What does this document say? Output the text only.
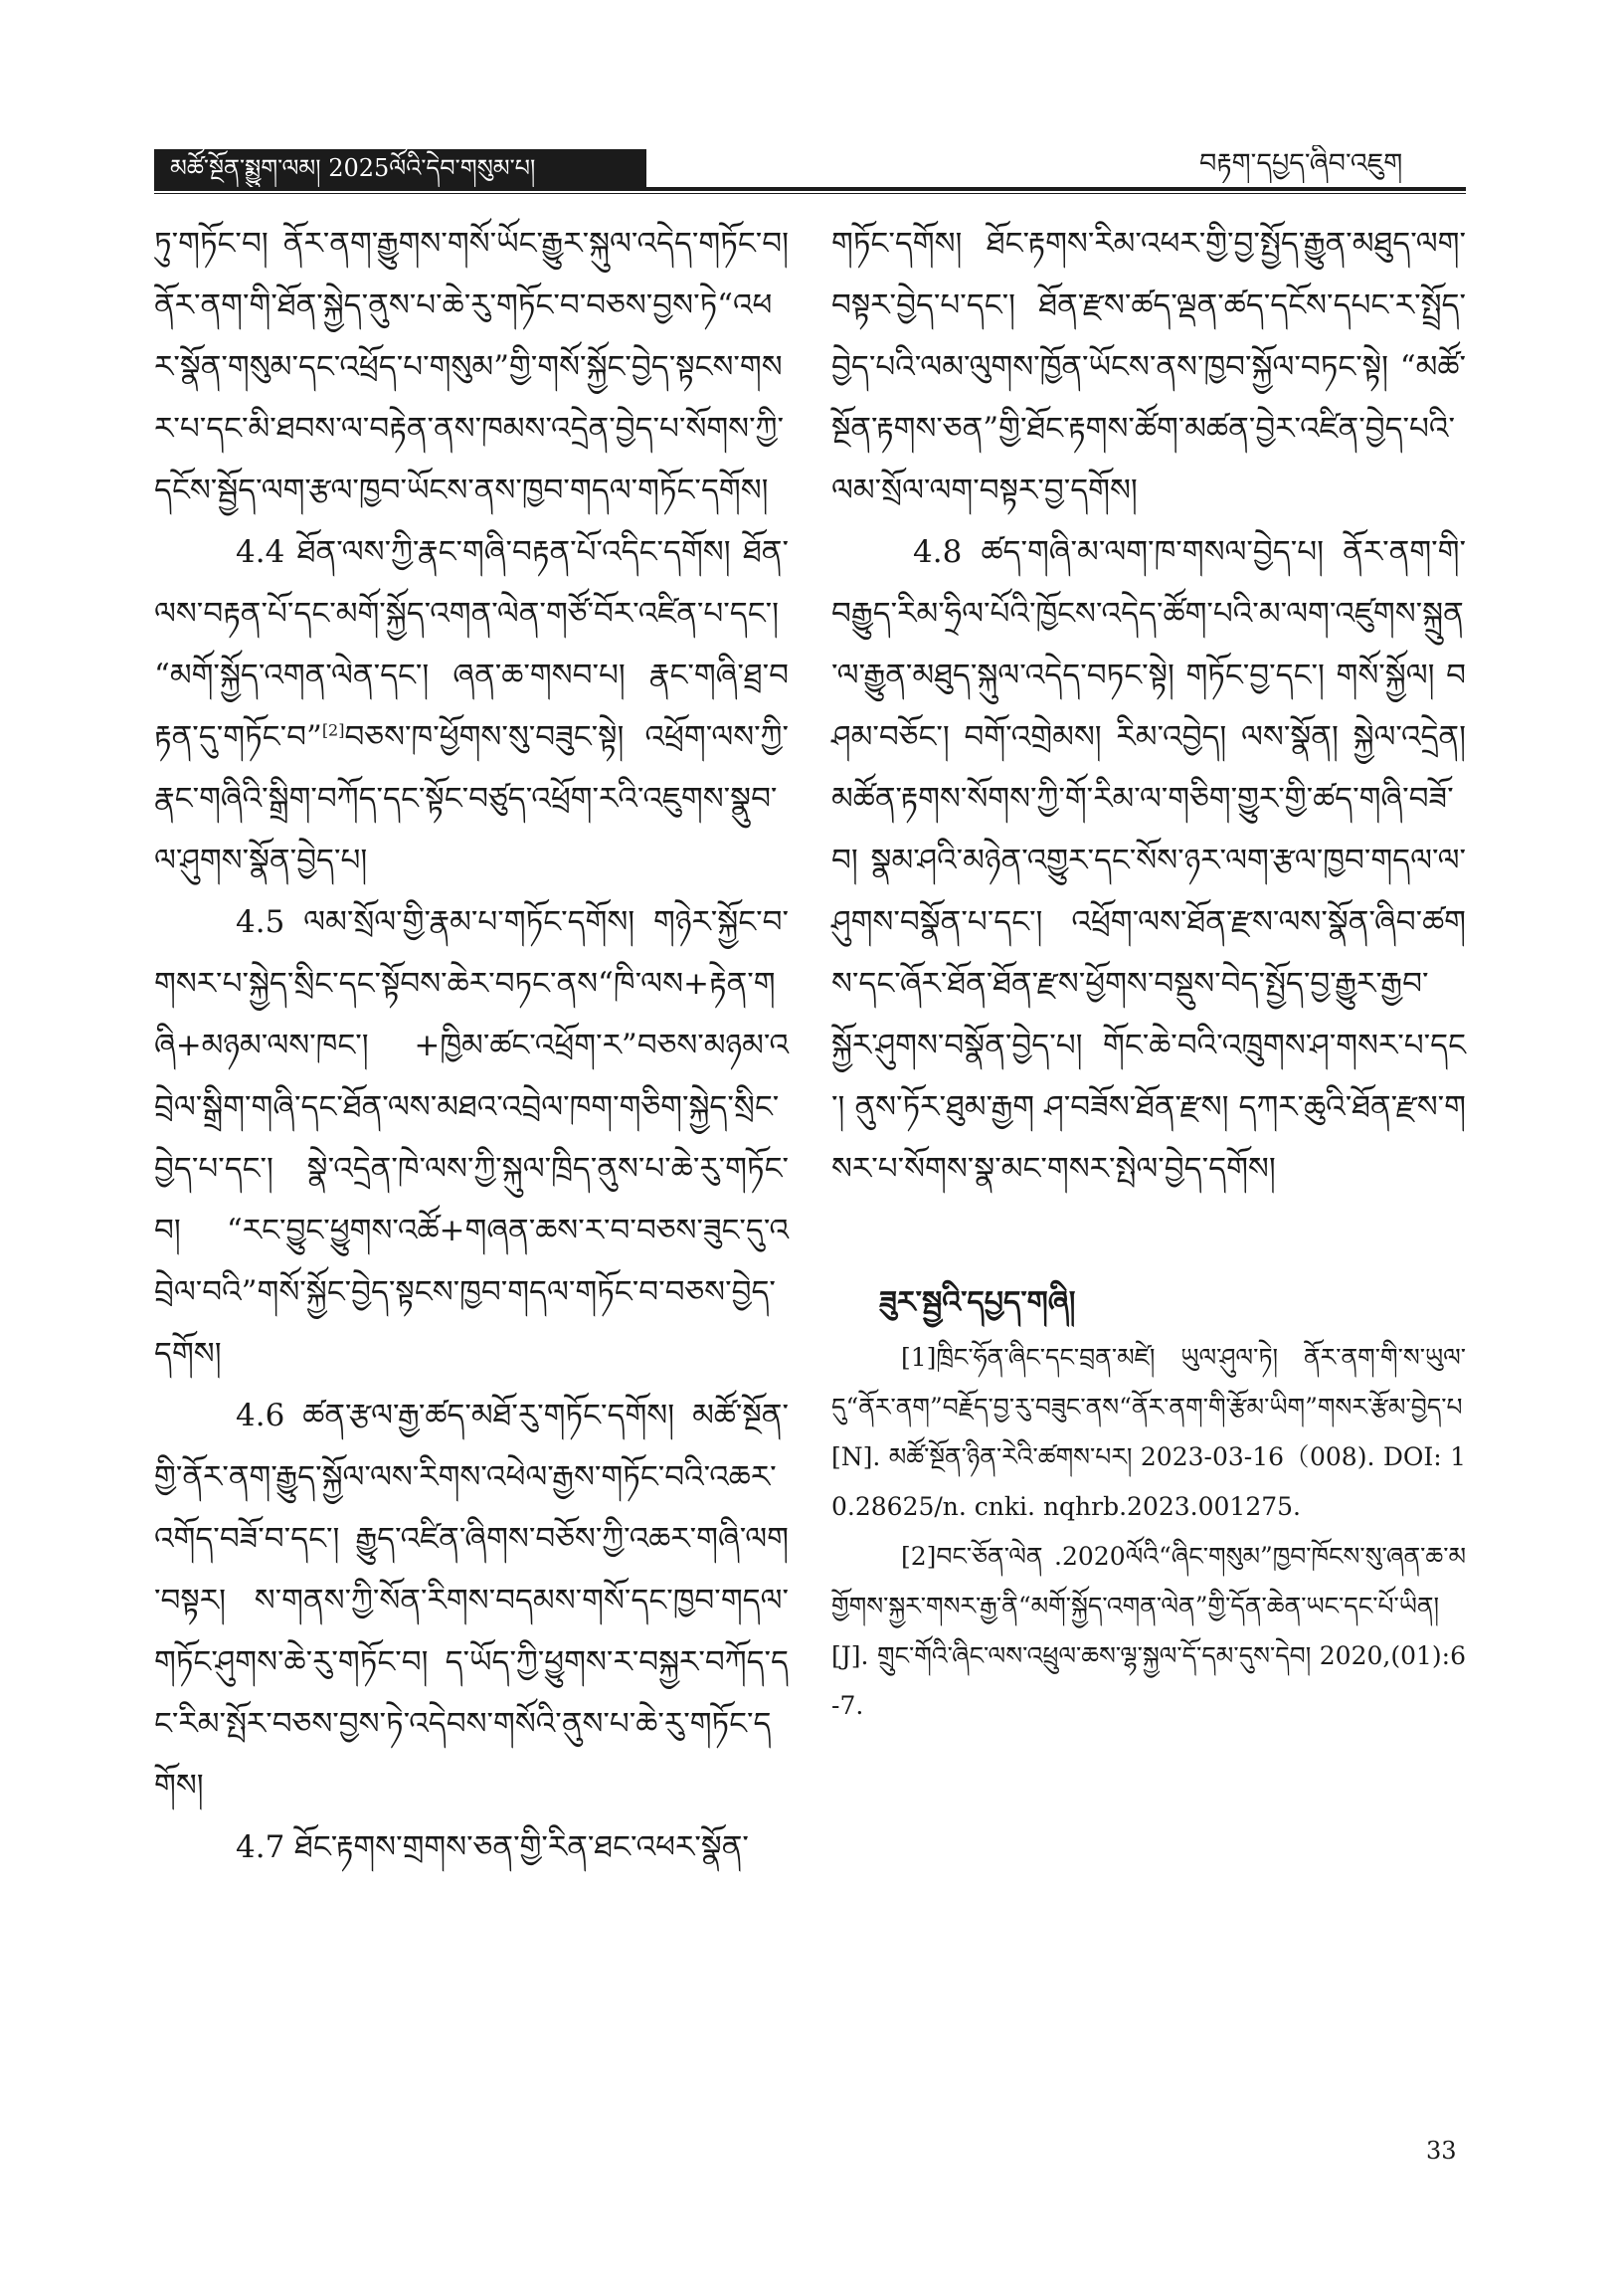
མཚོ་སྔོན་སྨྱུག་ལམ། 2025ལོའི་དེབ་གསུམ་པ།	བརྟག་དཔྱད་ཞིབ་འཇུག

ཏུ་གཏོང་བ། ནོར་ནག་རྒྱུགས་གསོ་ཡོང་རྒྱུར་སྐུལ་འདེད་གཏོང་བ། ནོར་ནག་གི་ཐོན་སྐྱེད་ནུས་པ་ཆེ་རུ་གཏོང་བ་བཅས་བྱས་ཏེ“འཕར་སྣོན་གསུམ་དང་འཕྲོད་པ་གསུམ”གྱི་གསོ་སྐྱོང་བྱེད་སྟངས་གསར་པ་དང་མི་ཐབས་ལ་བརྟེན་ནས་ཁམས་འདྲེན་བྱེད་པ་སོགས་ཀྱི་དངོས་སྦྱོད་ལག་རྩལ་ཁྱབ་ཡོངས་ནས་ཁྱབ་གདལ་གཏོང་དགོས།

4.4 ཐོན་ལས་ཀྱི་རྣང་གཞི་བརྟན་པོ་འདིང་དགོས། ཐོན་ལས་བརྟན་པོ་དང་མགོ་སྐྱོད་འགན་ལེན་གཙོ་བོར་འཛིན་པ་དང་། “མགོ་སྐྱོད་འགན་ལེན་དང་། ཞན་ཆ་གསབ་པ། རྣང་གཞི་ཐྲ་བརྟན་དུ་གཏོང་བ”[2]བཅས་ཁ་ཕྱོགས་སུ་བཟུང་སྟེ། འཕྲོག་ལས་ཀྱི་རྣང་གཞིའི་སྒྲིག་བཀོད་དང་སྟོང་བཙུད་འཕྲོག་རའི་འཇུགས་སྣུབ་ལ་ཤུགས་སྣོན་བྱེད་པ།

4.5 ལམ་སྲོལ་གྱི་རྣམ་པ་གཏོང་དགོས། གཉེར་སྐྱོང་བ་གསར་པ་སྐྱེད་སྲིང་དང་སྟོབས་ཆེར་བཏང་ནས“ཁི་ལས+རྟེན་གཞི+མཉམ་ལས་ཁང་། +ཁྱིམ་ཚང་འཕྲོག་ར”བཅས་མཉམ་འབྲེལ་སྒྲིག་གཞི་དང་ཐོན་ལས་མཐའ་འབྲེལ་ཁག་གཅིག་སྐྱེད་སྲིང་བྱེད་པ་དང་། སྣེ་འདྲེན་ཁེ་ལས་ཀྱི་སྐུལ་ཁྲིད་ནུས་པ་ཆེ་རུ་གཏོང་བ། “རང་བྱུང་ཕྱུགས་འཚོ+གཞན་ཆས་ར་བ་བཅས་ཟུང་དུ་འབྲེལ་བའི”གསོ་སྐྱོང་བྱེད་སྟངས་ཁྱབ་གདལ་གཏོང་བ་བཅས་བྱེད་དགོས།

4.6 ཚན་རྩལ་རྒྱ་ཚད་མཐོ་རུ་གཏོང་དགོས། མཚོ་སྔོན་གྱི་ནོར་ནག་རྒྱུད་སྐྱོལ་ལས་རིགས་འཕེལ་རྒྱས་གཏོང་བའི་འཆར་འགོད་བཟོ་བ་དང་། རྒྱུད་འཛིན་ཞིགས་བཅོས་ཀྱི་འཆར་གཞི་ལག་བསྟར། ས་གནས་ཀྱི་སོན་རིགས་བདམས་གསོ་དང་ཁྱབ་གདལ་གཏོང་ཤུགས་ཆེ་རུ་གཏོང་བ། ད་ཡོད་ཀྱི་ཕྱུགས་ར་བསྐྱར་བཀོད་དང་རིམ་སྤོར་བཅས་བྱས་ཏེ་འདེབས་གསོའི་ནུས་པ་ཆེ་རུ་གཏོང་དགོས།

4.7 ཐོང་རྟགས་གྲགས་ཅན་གྱི་རིན་ཐང་འཕར་སྣོན་

གཏོང་དགོས། ཐོང་རྟགས་རིམ་འཕར་གྱི་བྱ་སྤྱོད་རྒྱུན་མཐུད་ལག་བསྟར་བྱེད་པ་དང་། ཐོན་རྫས་ཚད་ལྡན་ཚད་དངོས་དཔང་ར་སྤྲོད་བྱེད་པའི་ལམ་ལུགས་ཁྱོན་ཡོངས་ནས་ཁྱབ་སྐྱོལ་བཏང་སྟེ། “མཚོ་སྔོན་རྟགས་ཅན”གྱི་ཐོང་རྟགས་ཚོག་མཚན་བྱེར་འཛིན་བྱེད་པའི་ལམ་སྲོལ་ལག་བསྟར་བྱ་དགོས།

4.8 ཚད་གཞི་མ་ལག་ཁ་གསལ་བྱེད་པ། ནོར་ནག་གི་བརྒྱུད་རིམ་ཧྲིལ་པོའི་ཁྱོངས་འདེད་ཚོག་པའི་མ་ལག་འཛུགས་སྐྲུན་ལ་རྒྱུན་མཐུད་སྐུལ་འདེད་བཏང་སྟེ། གཏོང་བྱ་དང་། གསོ་སྐྱོལ། བཤམ་བཅོང་། བགོ་འགྲེམས། རིམ་འབྱེད། ལས་སྣོན། སྐྱེལ་འདྲེན། མཚོན་རྟགས་སོགས་ཀྱི་གོ་རིམ་ལ་གཅིག་གྱུར་གྱི་ཚད་གཞི་བཟོ་བ། སྣམ་ཤའི་མཉེན་འགྱུར་དང་སོས་ཉར་ལག་རྩལ་ཁྱབ་གདལ་ལ་ཤུགས་བསྣོན་པ་དང་། འཕྲོག་ལས་ཐོན་རྫས་ལས་སྣོན་ཞིབ་ཚགས་དང་ཞོར་ཐོན་ཐོན་རྫས་ཕྱོགས་བསྡུས་བེད་སྤྱོད་བྱ་རྒྱུར་རྒྱབ་སྐྱོར་ཤུགས་བསྣོན་བྱེད་པ། གོང་ཆེ་བའི་འཁྲུགས་ཤ་གསར་པ་དང་། ནུས་ཏོར་ཐུམ་རྒྱག ཤ་བཟོས་ཐོན་རྫས། དཀར་ཆུའི་ཐོན་རྫས་གསར་པ་སོགས་སྣ་མང་གསར་སྤེལ་བྱེད་དགོས།

ཟུར་སྦྱའི་དཔྱད་གཞི།

[1]ཁྲིང་ཧོན་ཞིང་དང་བྲན་མཛེ། ཡུལ་ཤུལ་ཏེ། ནོར་ནག་གི་ས་ཡུལ་དུ“ནོར་ནག”བརྗོད་བྱ་རུ་བཟུང་ནས“ནོར་ནག་གི་རྩོམ་ཡིག”གསར་རྩོམ་བྱེད་པ[N]. མཚོ་སྔོན་ཉིན་རེའི་ཚགས་པར། 2023-03-16（008). DOI: 10.28625/n. cnki. nqhrb.2023.001275.

[2]བང་ཅོན་ལེན .2020ལོའི“ཞིང་གསུམ”ཁྱབ་ཁོངས་སུ་ཞན་ཆ་མགྱོགས་སྐྱར་གསར་རྒྱ་ནི“མགོ་སྐྱོད་འགན་ལེན”གྱི་དོན་ཆེན་ཡང་དང་པོ་ཡིན།[J]. གྲུང་གོའི་ཞིང་ལས་འཕྲུལ་ཆས་ལྷ་སྐྱལ་དོ་དམ་དུས་དེབ། 2020,(01):6-7.

33
